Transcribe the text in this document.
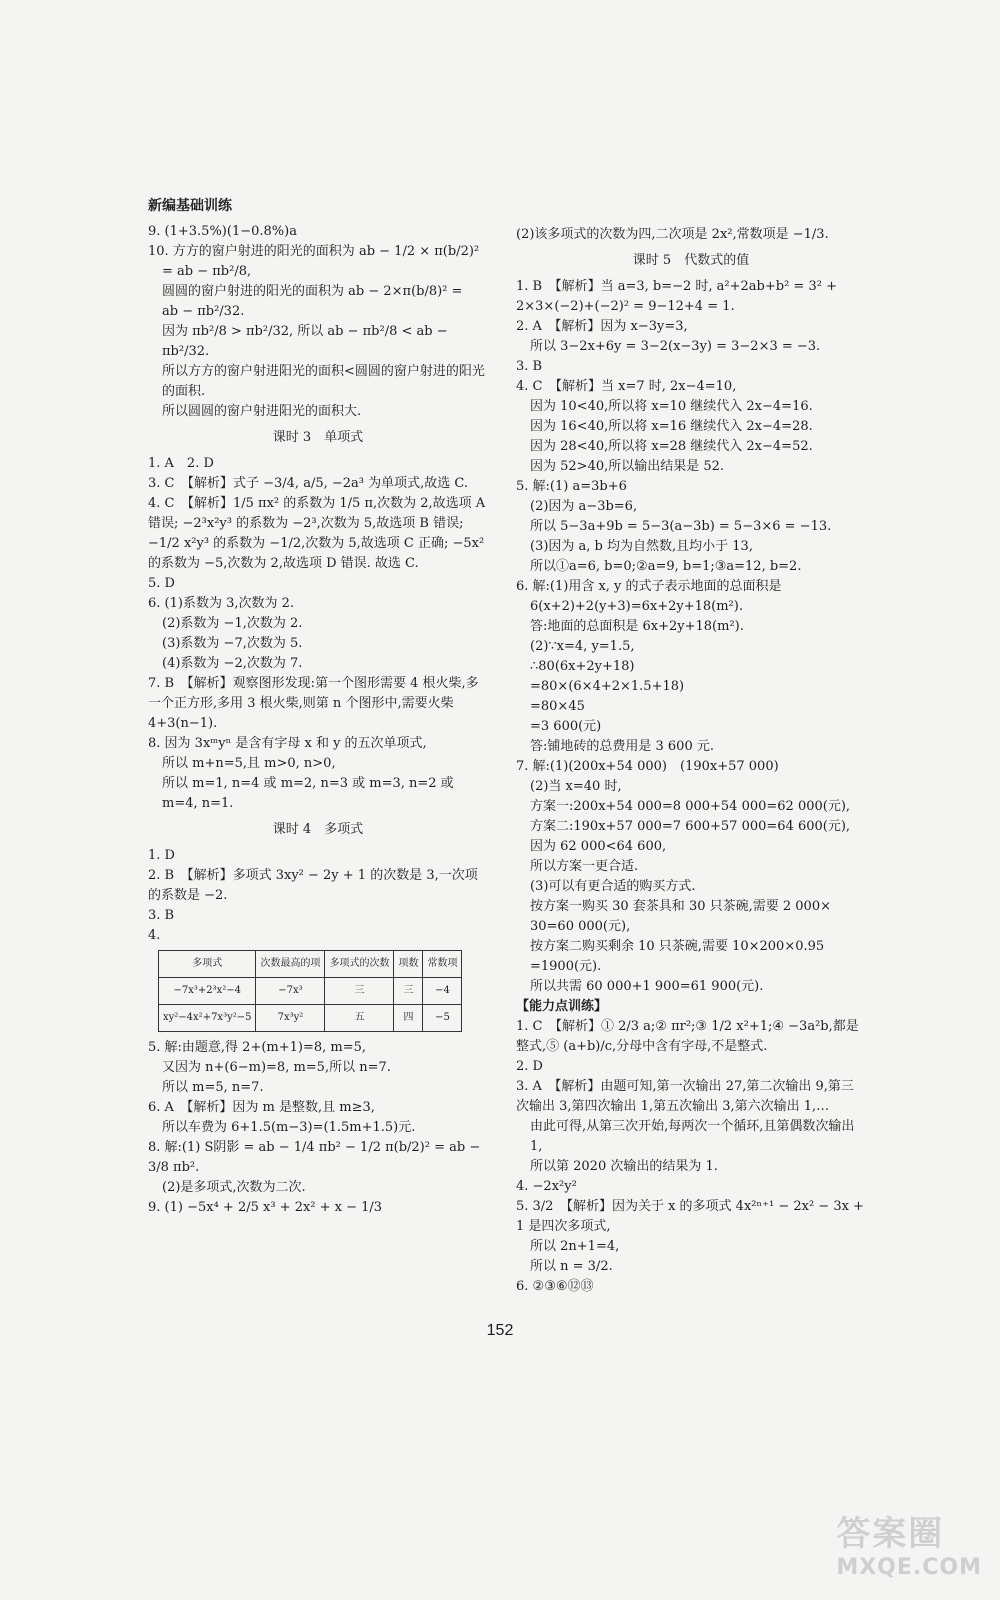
新编基础训练

9. (1+3.5%)(1−0.8%)a

10. 方方的窗户射进的阳光的面积为 ab − 1/2 × π(b/2)²

= ab − πb²/8,

圆圆的窗户射进的阳光的面积为 ab − 2×π(b/8)² =

ab − πb²/32.

因为 πb²/8 > πb²/32, 所以 ab − πb²/8 < ab − πb²/32.

所以方方的窗户射进阳光的面积<圆圆的窗户射进的阳光的面积.

所以圆圆的窗户射进阳光的面积大.

课时 3　单项式

1. A　2. D

3. C　【解析】式子 −3/4, a/5, −2a³ 为单项式,故选 C.

4. C　【解析】1/5 πx² 的系数为 1/5 π,次数为 2,故选项 A 错误; −2³x²y³ 的系数为 −2³,次数为 5,故选项 B 错误; −1/2 x²y³ 的系数为 −1/2,次数为 5,故选项 C 正确; −5x² 的系数为 −5,次数为 2,故选项 D 错误. 故选 C.

5. D

6. (1)系数为 3,次数为 2.

(2)系数为 −1,次数为 2.

(3)系数为 −7,次数为 5.

(4)系数为 −2,次数为 7.

7. B　【解析】观察图形发现:第一个图形需要 4 根火柴,多一个正方形,多用 3 根火柴,则第 n 个图形中,需要火柴 4+3(n−1).

8. 因为 3xᵐyⁿ 是含有字母 x 和 y 的五次单项式,

所以 m+n=5,且 m>0, n>0,

所以 m=1, n=4 或 m=2, n=3 或 m=3, n=2 或 m=4, n=1.

课时 4　多项式

1. D

2. B　【解析】多项式 3xy² − 2y + 1 的次数是 3,一次项的系数是 −2.

3. B

4.

多项式	次数最高的项	多项式的次数	项数	常数项
−7x³+2³x²−4	−7x³	三	三	−4
xy²−4x²+7x³y²−5	7x³y²	五	四	−5

5. 解:由题意,得 2+(m+1)=8, m=5,

又因为 n+(6−m)=8, m=5,所以 n=7.

所以 m=5, n=7.

6. A　【解析】因为 m 是整数,且 m≥3,

所以车费为 6+1.5(m−3)=(1.5m+1.5)元.

8. 解:(1) S阴影 = ab − 1/4 πb² − 1/2 π(b/2)² = ab − 3/8 πb².

(2)是多项式,次数为二次.

9. (1) −5x⁴ + 2/5 x³ + 2x² + x − 1/3

(2)该多项式的次数为四,二次项是 2x²,常数项是 −1/3.

课时 5　代数式的值

1. B　【解析】当 a=3, b=−2 时, a²+2ab+b² = 3² + 2×3×(−2)+(−2)² = 9−12+4 = 1.

2. A　【解析】因为 x−3y=3,

所以 3−2x+6y = 3−2(x−3y) = 3−2×3 = −3.

3. B

4. C　【解析】当 x=7 时, 2x−4=10,

因为 10<40,所以将 x=10 继续代入 2x−4=16.

因为 16<40,所以将 x=16 继续代入 2x−4=28.

因为 28<40,所以将 x=28 继续代入 2x−4=52.

因为 52>40,所以输出结果是 52.

5. 解:(1) a=3b+6

(2)因为 a−3b=6,

所以 5−3a+9b = 5−3(a−3b) = 5−3×6 = −13.

(3)因为 a, b 均为自然数,且均小于 13,

所以①a=6, b=0;②a=9, b=1;③a=12, b=2.

6. 解:(1)用含 x, y 的式子表示地面的总面积是

6(x+2)+2(y+3)=6x+2y+18(m²).

答:地面的总面积是 6x+2y+18(m²).

(2)∵x=4, y=1.5,

∴80(6x+2y+18)

=80×(6×4+2×1.5+18)

=80×45

=3 600(元)

答:铺地砖的总费用是 3 600 元.

7. 解:(1)(200x+54 000)　(190x+57 000)

(2)当 x=40 时,

方案一:200x+54 000=8 000+54 000=62 000(元),

方案二:190x+57 000=7 600+57 000=64 600(元),

因为 62 000<64 600,

所以方案一更合适.

(3)可以有更合适的购买方式.

按方案一购买 30 套茶具和 30 只茶碗,需要 2 000× 30=60 000(元),

按方案二购买剩余 10 只茶碗,需要 10×200×0.95 =1900(元).

所以共需 60 000+1 900=61 900(元).

【能力点训练】

1. C　【解析】① 2/3 a;② πr²;③ 1/2 x²+1;④ −3a²b,都是整式,⑤ (a+b)/c,分母中含有字母,不是整式.

2. D

3. A　【解析】由题可知,第一次输出 27,第二次输出 9,第三次输出 3,第四次输出 1,第五次输出 3,第六次输出 1,…

由此可得,从第三次开始,每两次一个循环,且第偶数次输出 1,

所以第 2020 次输出的结果为 1.

4. −2x²y²

5. 3/2　【解析】因为关于 x 的多项式 4x²ⁿ⁺¹ − 2x² − 3x + 1 是四次多项式,

所以 2n+1=4,

所以 n = 3/2.

6. ②③⑥⑫⑬

152
答案圈
MXQE.COM
